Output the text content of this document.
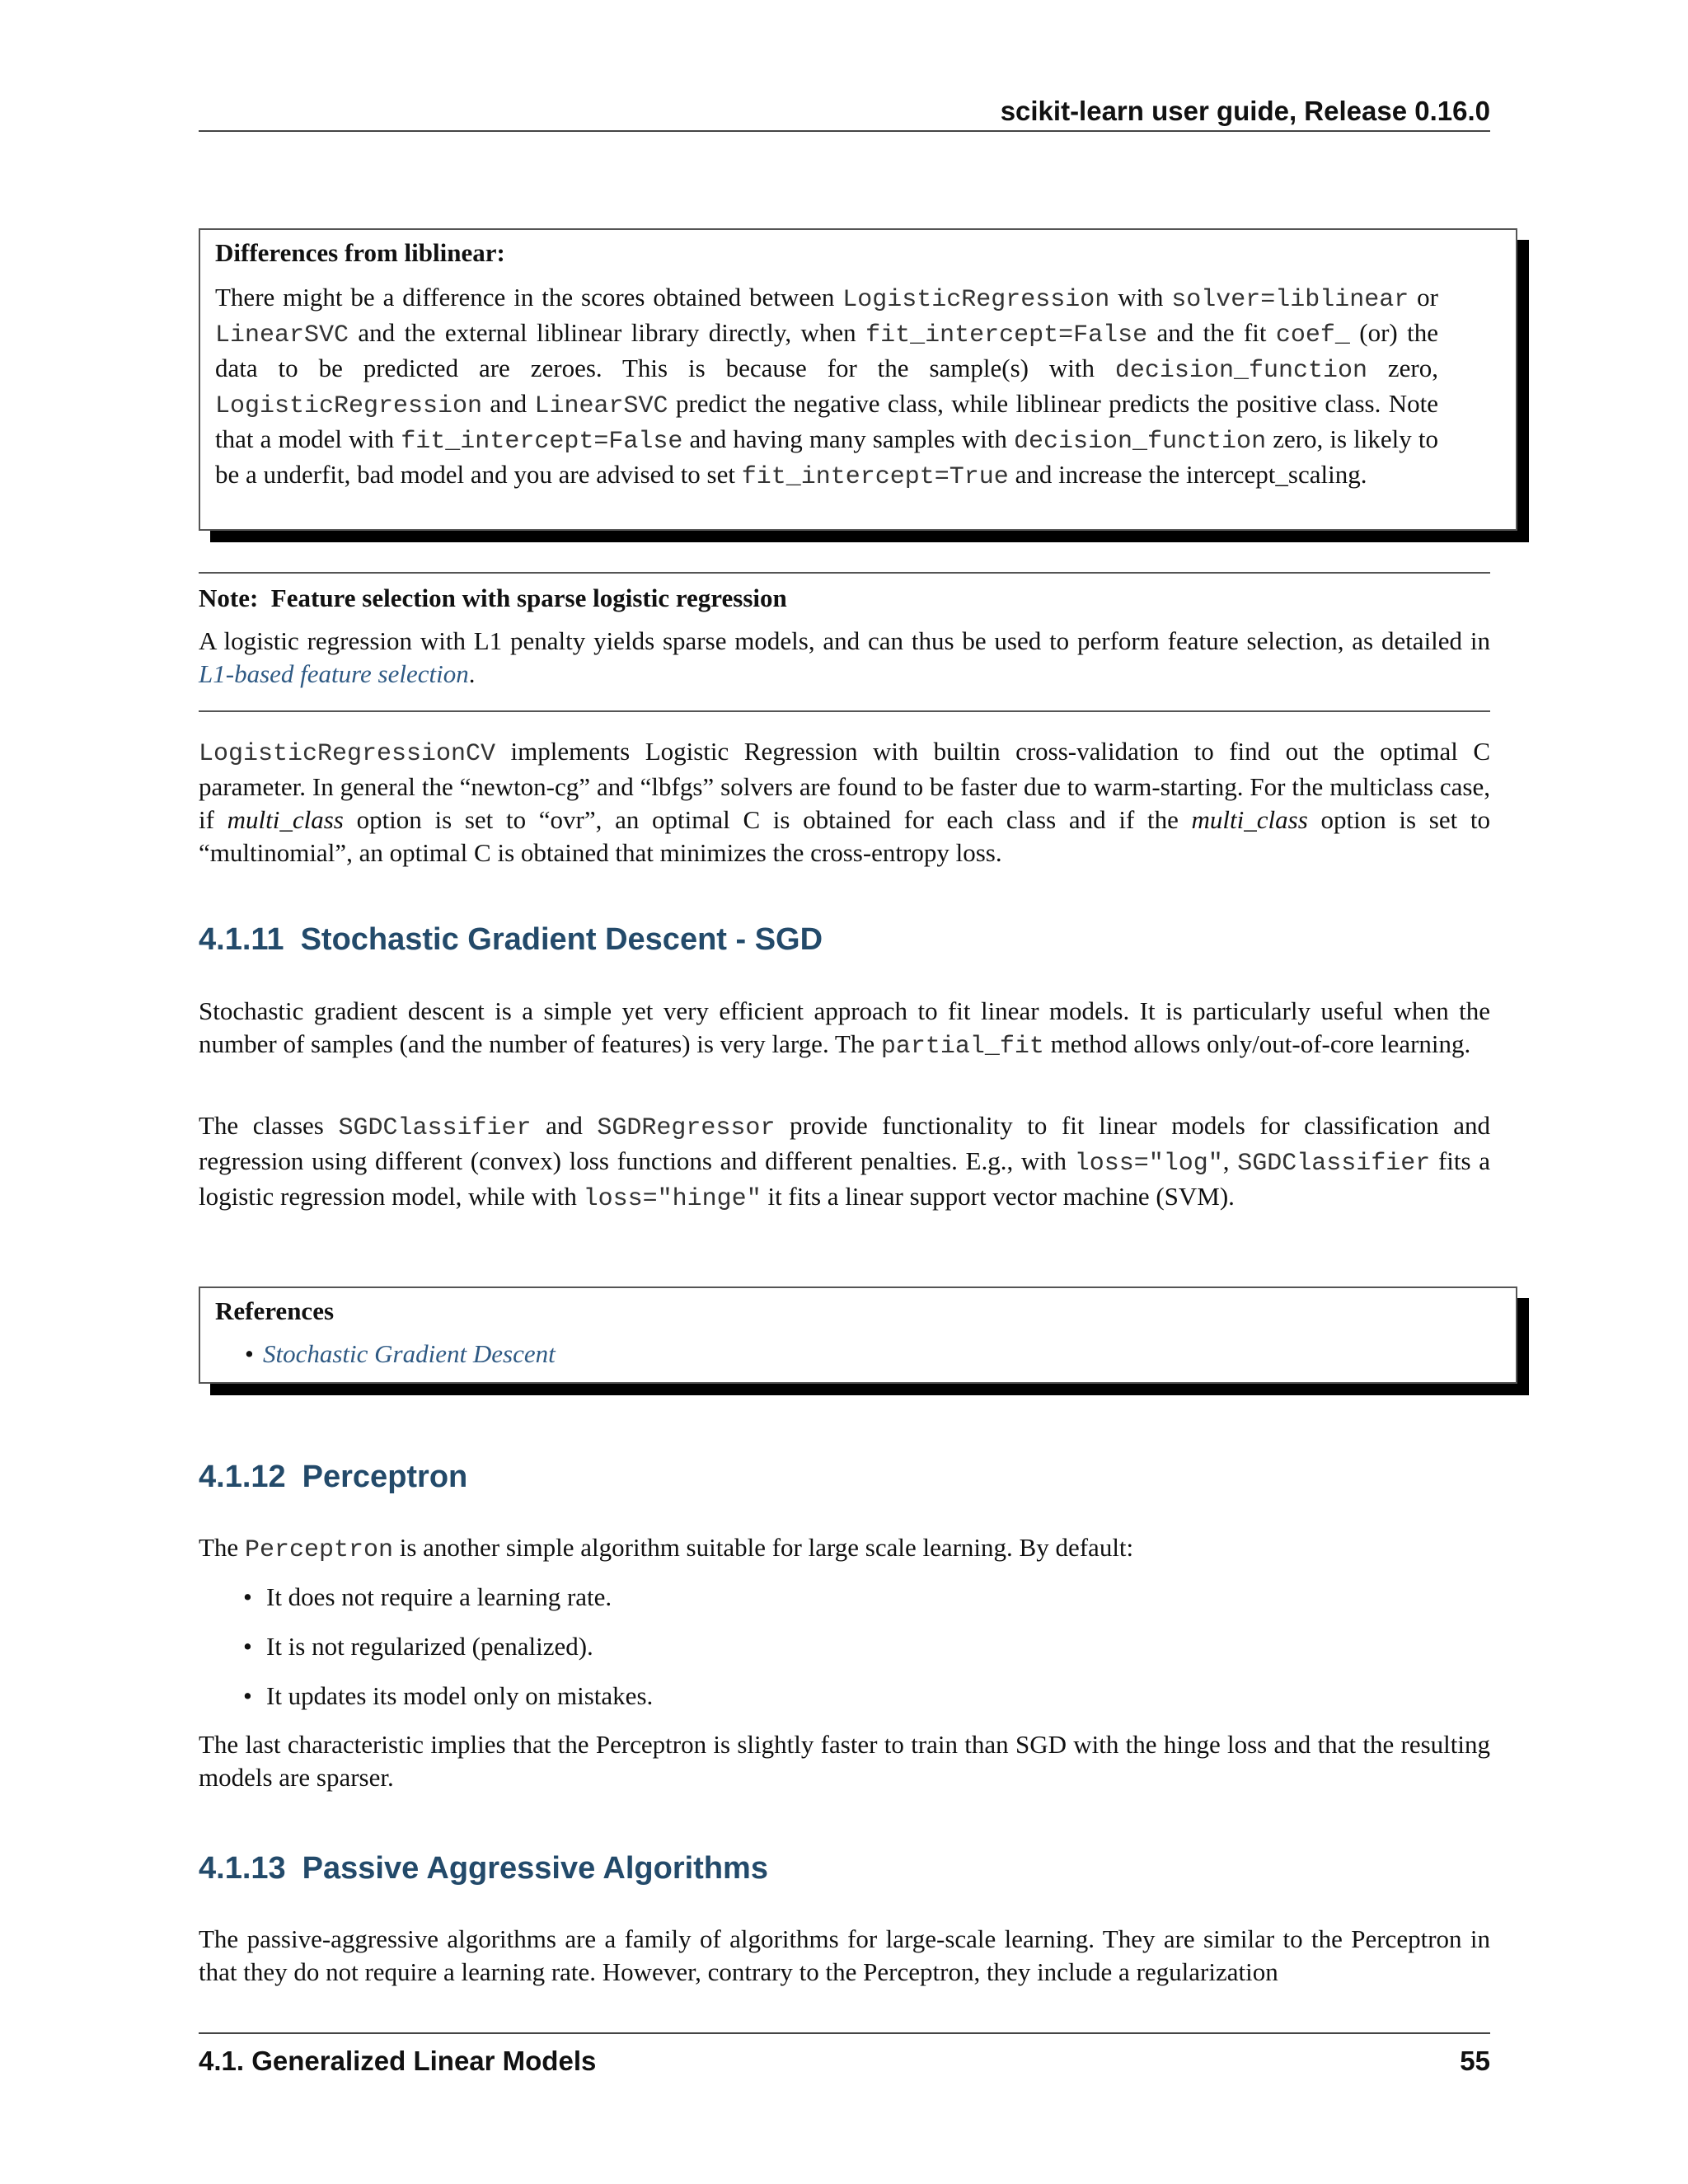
scikit-learn user guide, Release 0.16.0
Differences from liblinear:

There might be a difference in the scores obtained between LogisticRegression with solver=liblinear or LinearSVC and the external liblinear library directly, when fit_intercept=False and the fit coef_ (or) the data to be predicted are zeroes. This is because for the sample(s) with decision_function zero, LogisticRegression and LinearSVC predict the negative class, while liblinear predicts the positive class. Note that a model with fit_intercept=False and having many samples with decision_function zero, is likely to be a underfit, bad model and you are advised to set fit_intercept=True and increase the intercept_scaling.

Note: Feature selection with sparse logistic regression

A logistic regression with L1 penalty yields sparse models, and can thus be used to perform feature selection, as detailed in L1-based feature selection.

LogisticRegressionCV implements Logistic Regression with builtin cross-validation to find out the optimal C parameter. In general the “newton-cg” and “lbfgs” solvers are found to be faster due to warm-starting. For the multiclass case, if multi_class option is set to “ovr”, an optimal C is obtained for each class and if the multi_class option is set to “multinomial”, an optimal C is obtained that minimizes the cross-entropy loss.

4.1.11 Stochastic Gradient Descent - SGD

Stochastic gradient descent is a simple yet very efficient approach to fit linear models. It is particularly useful when the number of samples (and the number of features) is very large. The partial_fit method allows only/out-of-core learning.

The classes SGDClassifier and SGDRegressor provide functionality to fit linear models for classification and regression using different (convex) loss functions and different penalties. E.g., with loss="log", SGDClassifier fits a logistic regression model, while with loss="hinge" it fits a linear support vector machine (SVM).

References
• Stochastic Gradient Descent
4.1.12 Perceptron

The Perceptron is another simple algorithm suitable for large scale learning. By default:

• It does not require a learning rate.
• It is not regularized (penalized).
• It updates its model only on mistakes.

The last characteristic implies that the Perceptron is slightly faster to train than SGD with the hinge loss and that the resulting models are sparser.

4.1.13 Passive Aggressive Algorithms

The passive-aggressive algorithms are a family of algorithms for large-scale learning. They are similar to the Perceptron in that they do not require a learning rate. However, contrary to the Perceptron, they include a regularization

4.1. Generalized Linear Models	55
